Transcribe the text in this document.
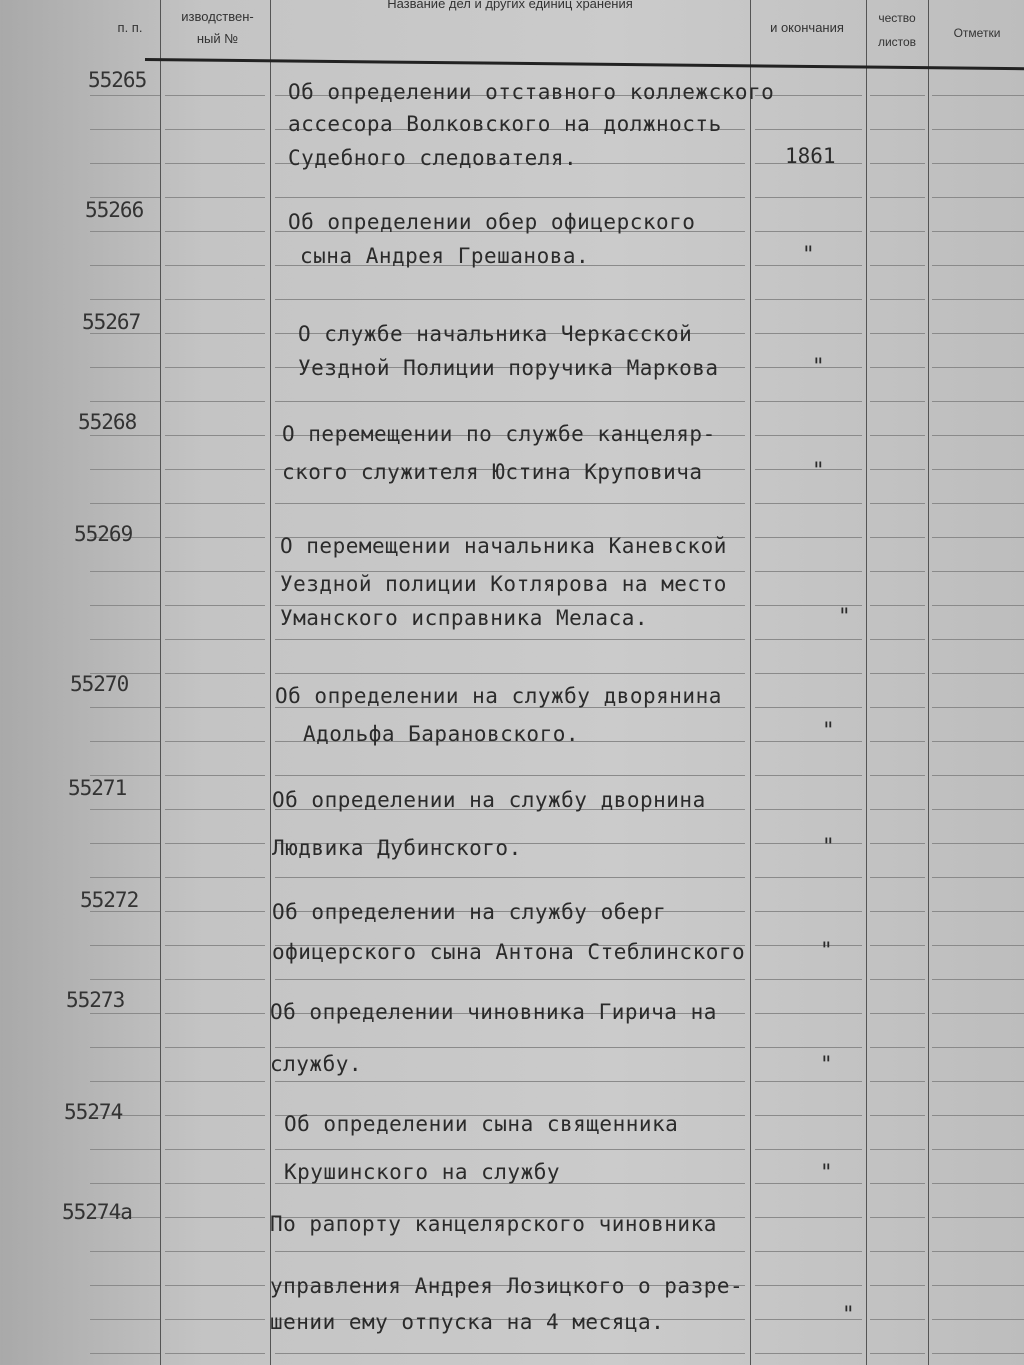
п. п.
изводствен-
ный №
Название дел и других единиц хранения
и окончания
чество
листов
Отметки
55265	Об определении отставного коллежского
ассесора Волковского на должность
Судебного следователя.	1861
55266	Об определении обер офицерского
сына Андрея Грешанова.	"
55267	О службе начальника Черкасской
Уездной Полиции поручика Маркова	"
55268	О перемещении по службе канцеляр-
ского служителя Юстина Круповича	"
55269	О перемещении начальника Каневской
Уездной полиции Котлярова на место
Уманского исправника Меласа.	"
55270	Об определении на службу дворянина
Адольфа Барановского.	"
55271	Об определении на службу дворнина
Людвика Дубинского.	"
55272	Об определении на службу оберг
офицерского сына Антона Стеблинского	"
55273	Об определении чиновника Гирича на
службу.	"
55274	Об определении сына священника
Крушинского на службу	"
55274а	По рапорту канцелярского чиновника
управления Андрея Лозицкого о разре-
шении ему отпуска на 4 месяца.	"
